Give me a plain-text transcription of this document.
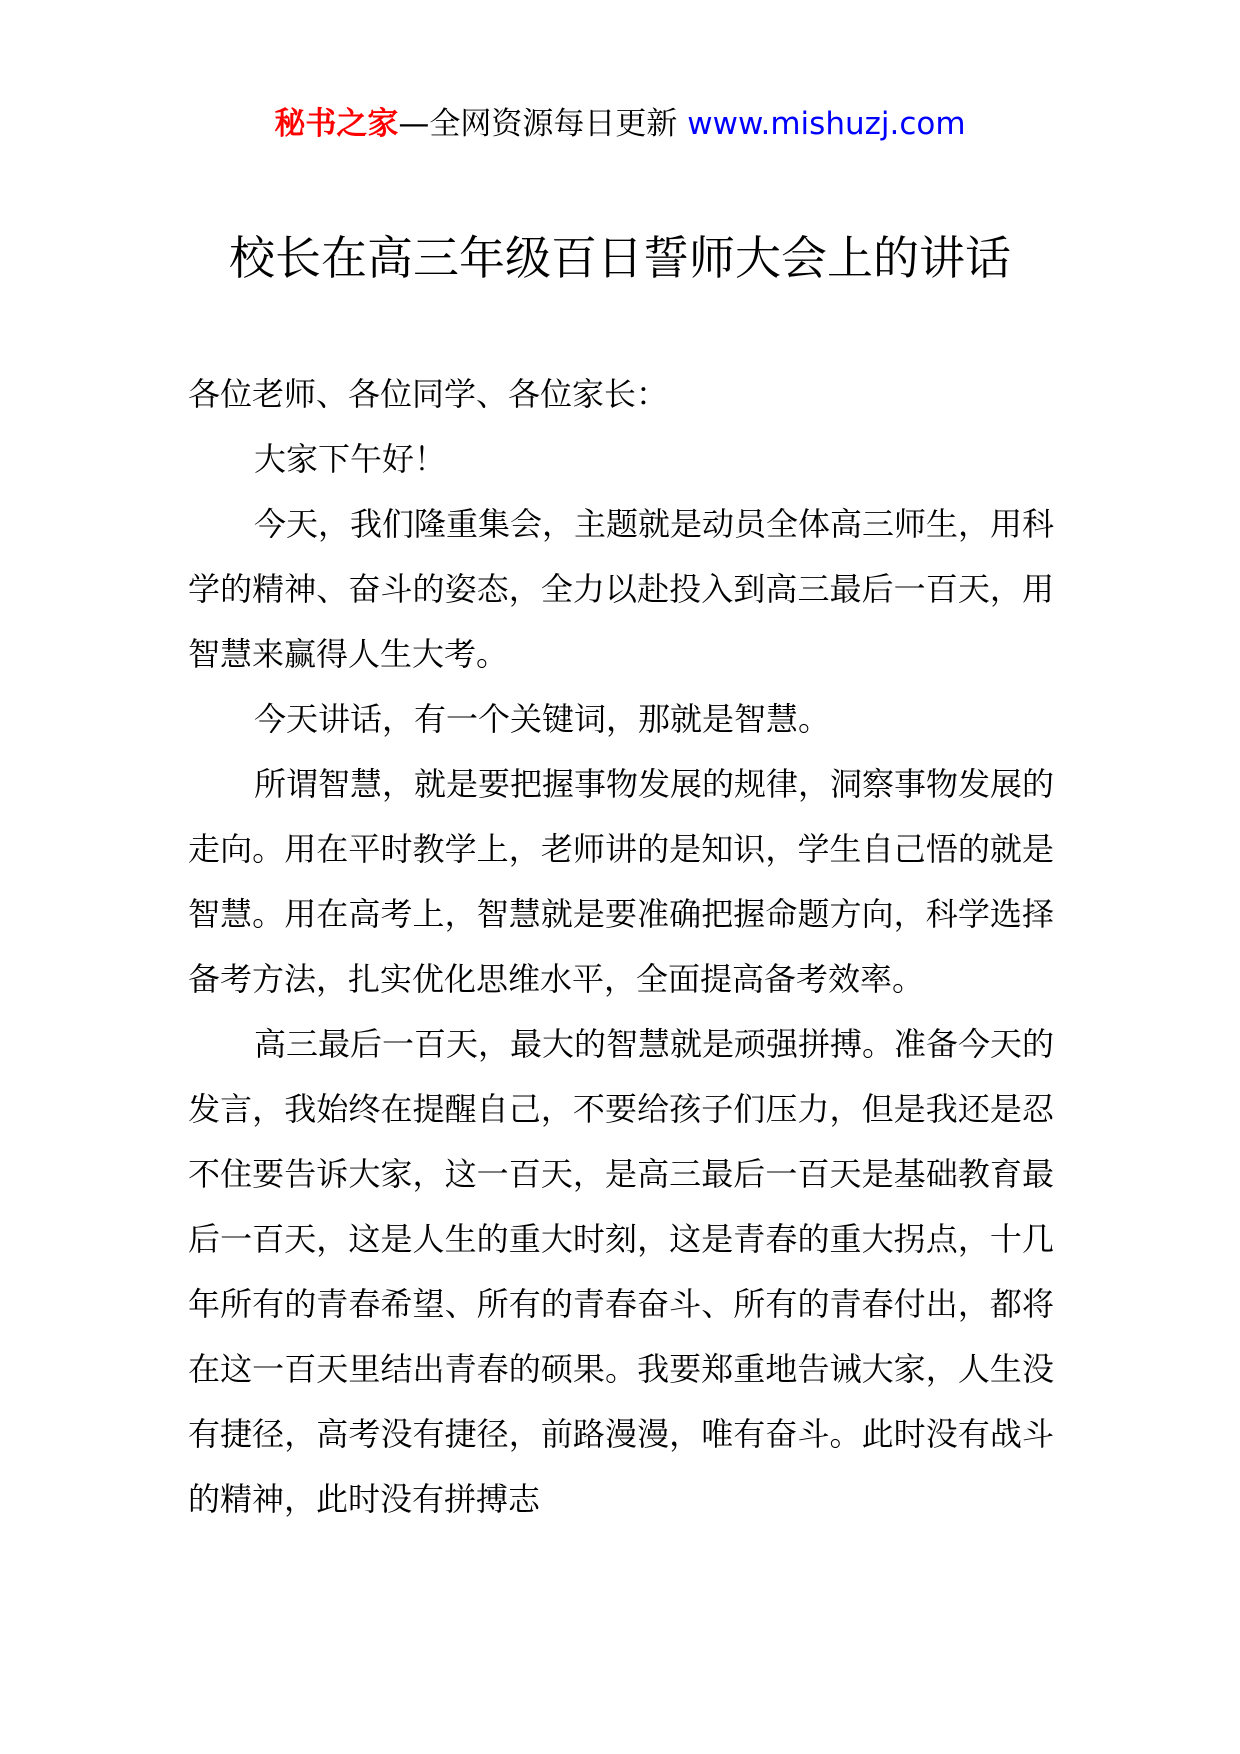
秘书之家—全网资源每日更新 www.mishuzj.com
校长在高三年级百日誓师大会上的讲话

各位老师、各位同学、各位家长：

大家下午好！

今天，我们隆重集会，主题就是动员全体高三师生，用科学的精神、奋斗的姿态，全力以赴投入到高三最后一百天，用智慧来赢得人生大考。

今天讲话，有一个关键词，那就是智慧。

所谓智慧，就是要把握事物发展的规律，洞察事物发展的走向。用在平时教学上，老师讲的是知识，学生自己悟的就是智慧。用在高考上，智慧就是要准确把握命题方向，科学选择备考方法，扎实优化思维水平，全面提高备考效率。

高三最后一百天，最大的智慧就是顽强拼搏。准备今天的发言，我始终在提醒自己，不要给孩子们压力，但是我还是忍不住要告诉大家，这一百天，是高三最后一百天是基础教育最后一百天，这是人生的重大时刻，这是青春的重大拐点，十几年所有的青春希望、所有的青春奋斗、所有的青春付出，都将在这一百天里结出青春的硕果。我要郑重地告诫大家，人生没有捷径，高考没有捷径，前路漫漫，唯有奋斗。此时没有战斗的精神，此时没有拼搏志
